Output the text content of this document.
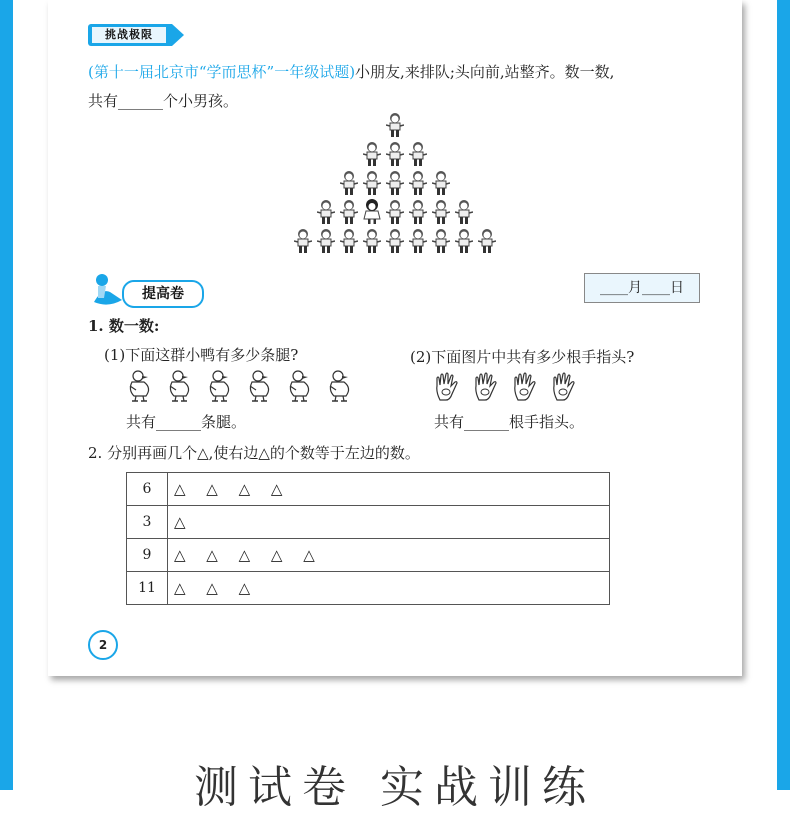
挑战极限
(第十一届北京市“学而思杯”一年级试题)小朋友,来排队;头向前,站整齐。数一数,
共有______个小男孩。
提高卷	____月____日
1. 数一数:
(1)下面这群小鸭有多少条腿?	(2)下面图片中共有多少根手指头?
共有______条腿。	共有______根手指头。
2. 分别再画几个△,使右边△的个数等于左边的数。
6	△ △ △ △
3	△
9	△ △ △ △ △
11	△ △ △
2
测试卷 实战训练
